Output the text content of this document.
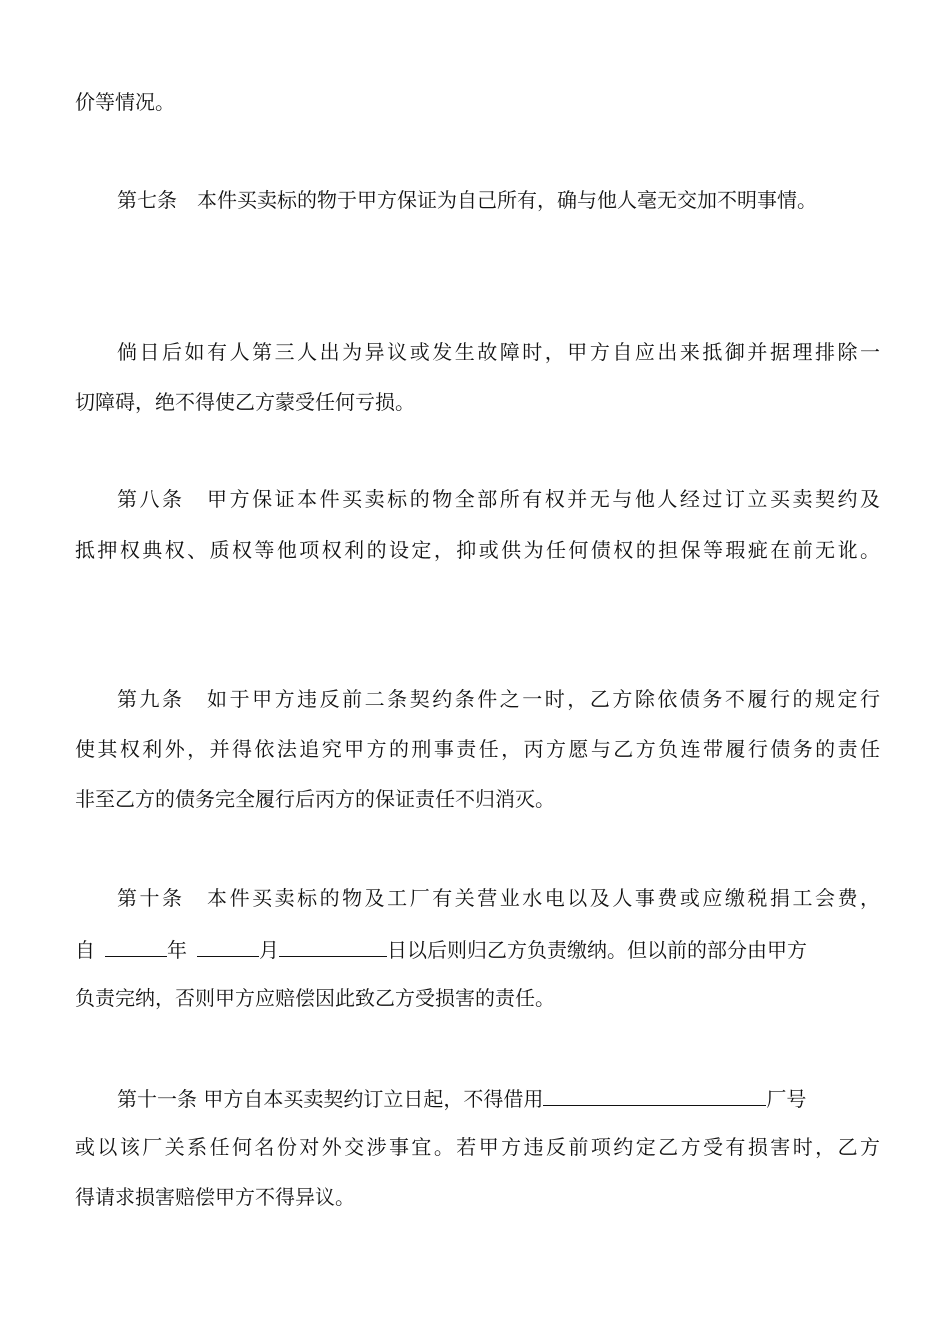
价等情况。
第七条　本件买卖标的物于甲方保证为自己所有，确与他人毫无交加不明事情。
倘日后如有人第三人出为异议或发生故障时，甲方自应出来抵御并据理排除一
切障碍，绝不得使乙方蒙受任何亏损。
第八条　甲方保证本件买卖标的物全部所有权并无与他人经过订立买卖契约及
抵押权典权、质权等他项权利的设定，抑或供为任何债权的担保等瑕疵在前无讹。
第九条　如于甲方违反前二条契约条件之一时，乙方除依债务不履行的规定行
使其权利外，并得依法追究甲方的刑事责任，丙方愿与乙方负连带履行债务的责任
非至乙方的债务完全履行后丙方的保证责任不归消灭。
第十条　本件买卖标的物及工厂有关营业水电以及人事费或应缴税捐工会费，
自	年	月	日以后则归乙方负责缴纳。但以前的部分由甲方
负责完纳，否则甲方应赔偿因此致乙方受损害的责任。
第十一条 甲方自本买卖契约订立日起，不得借用	厂号
或以该厂关系任何名份对外交涉事宜。若甲方违反前项约定乙方受有损害时，乙方
得请求损害赔偿甲方不得异议。
